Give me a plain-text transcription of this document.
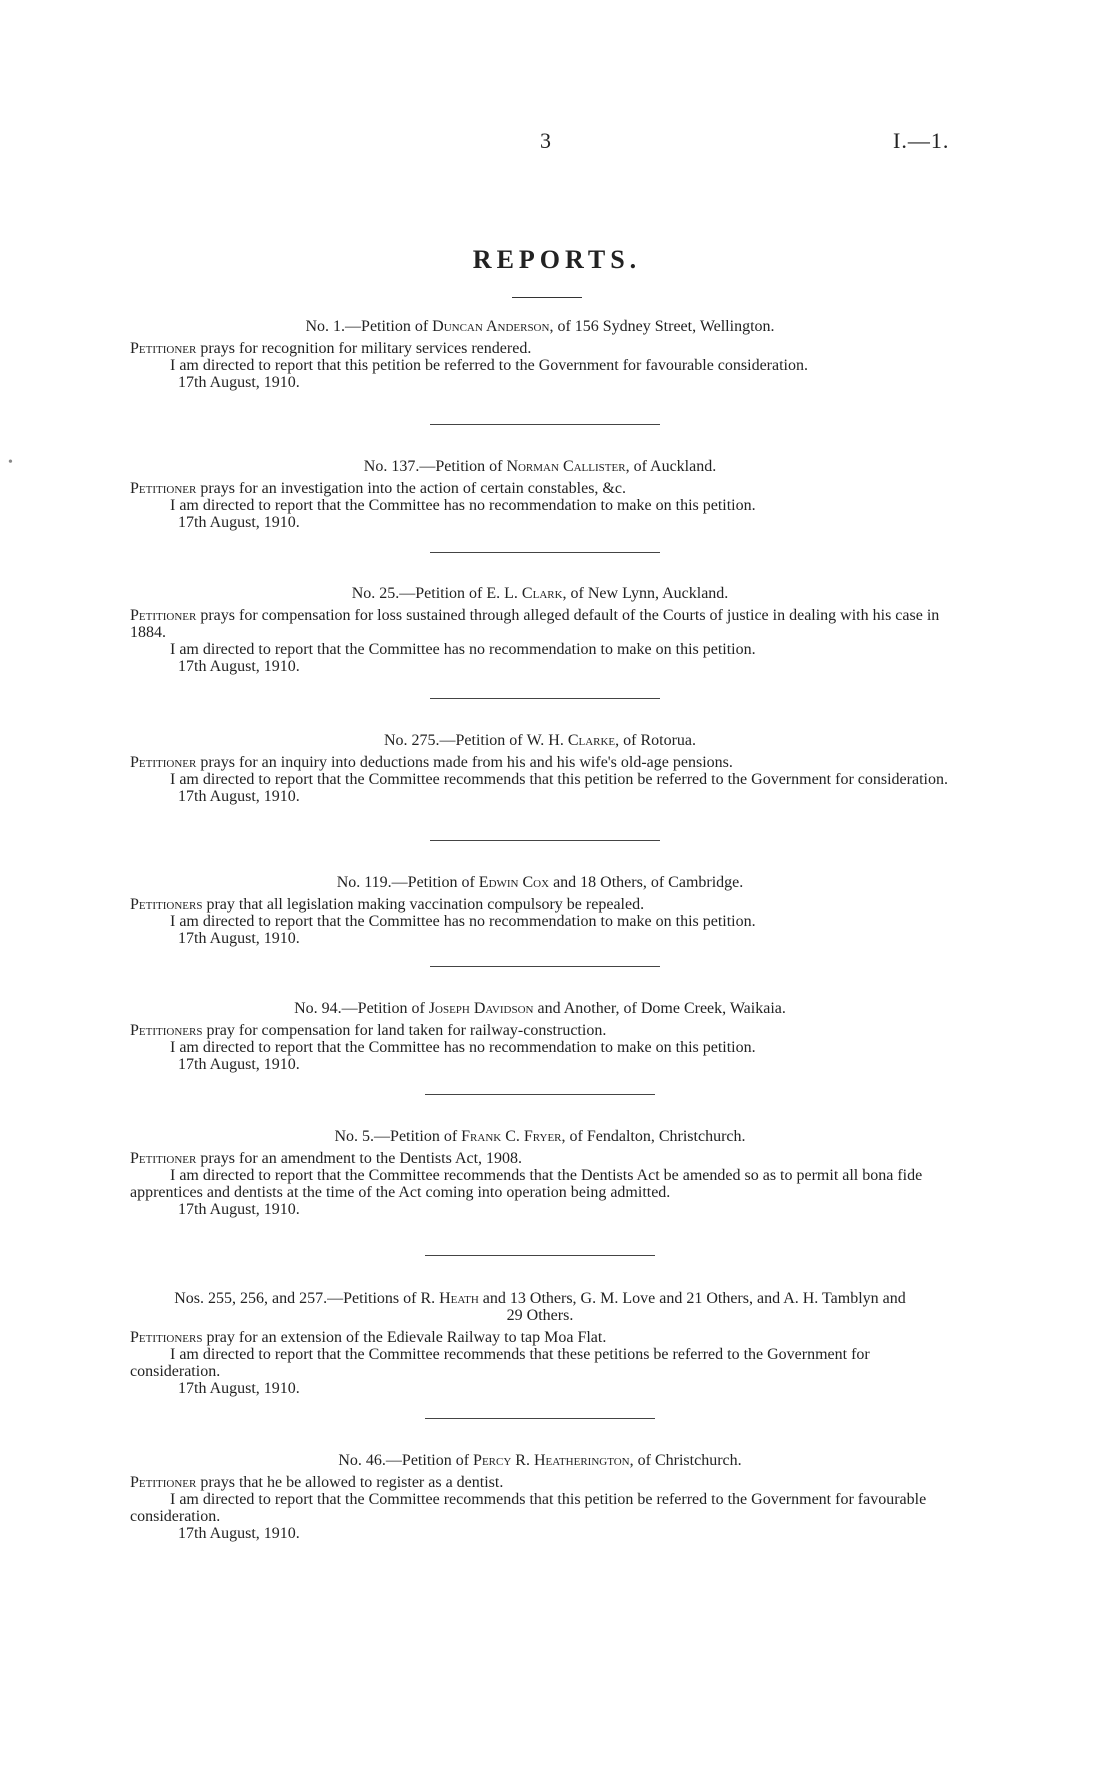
3	I.—1.
REPORTS.
No. 1.—Petition of Duncan Anderson, of 156 Sydney Street, Wellington.

Petitioner prays for recognition for military services rendered.

I am directed to report that this petition be referred to the Government for favourable consideration.

17th August, 1910.

No. 137.—Petition of Norman Callister, of Auckland.

Petitioner prays for an investigation into the action of certain constables, &c.

I am directed to report that the Committee has no recommendation to make on this petition.

17th August, 1910.

No. 25.—Petition of E. L. Clark, of New Lynn, Auckland.

Petitioner prays for compensation for loss sustained through alleged default of the Courts of justice in dealing with his case in 1884.

I am directed to report that the Committee has no recommendation to make on this petition.

17th August, 1910.

No. 275.—Petition of W. H. Clarke, of Rotorua.

Petitioner prays for an inquiry into deductions made from his and his wife's old-age pensions.

I am directed to report that the Committee recommends that this petition be referred to the Government for consideration.

17th August, 1910.

No. 119.—Petition of Edwin Cox and 18 Others, of Cambridge.

Petitioners pray that all legislation making vaccination compulsory be repealed.

I am directed to report that the Committee has no recommendation to make on this petition.

17th August, 1910.

No. 94.—Petition of Joseph Davidson and Another, of Dome Creek, Waikaia.

Petitioners pray for compensation for land taken for railway-construction.

I am directed to report that the Committee has no recommendation to make on this petition.

17th August, 1910.

No. 5.—Petition of Frank C. Fryer, of Fendalton, Christchurch.

Petitioner prays for an amendment to the Dentists Act, 1908.

I am directed to report that the Committee recommends that the Dentists Act be amended so as to permit all bona fide apprentices and dentists at the time of the Act coming into operation being admitted.

17th August, 1910.

Nos. 255, 256, and 257.—Petitions of R. Heath and 13 Others, G. M. Love and 21 Others, and A. H. Tamblyn and 29 Others.

Petitioners pray for an extension of the Edievale Railway to tap Moa Flat.

I am directed to report that the Committee recommends that these petitions be referred to the Government for consideration.

17th August, 1910.

No. 46.—Petition of Percy R. Heatherington, of Christchurch.

Petitioner prays that he be allowed to register as a dentist.

I am directed to report that the Committee recommends that this petition be referred to the Government for favourable consideration.

17th August, 1910.

•
